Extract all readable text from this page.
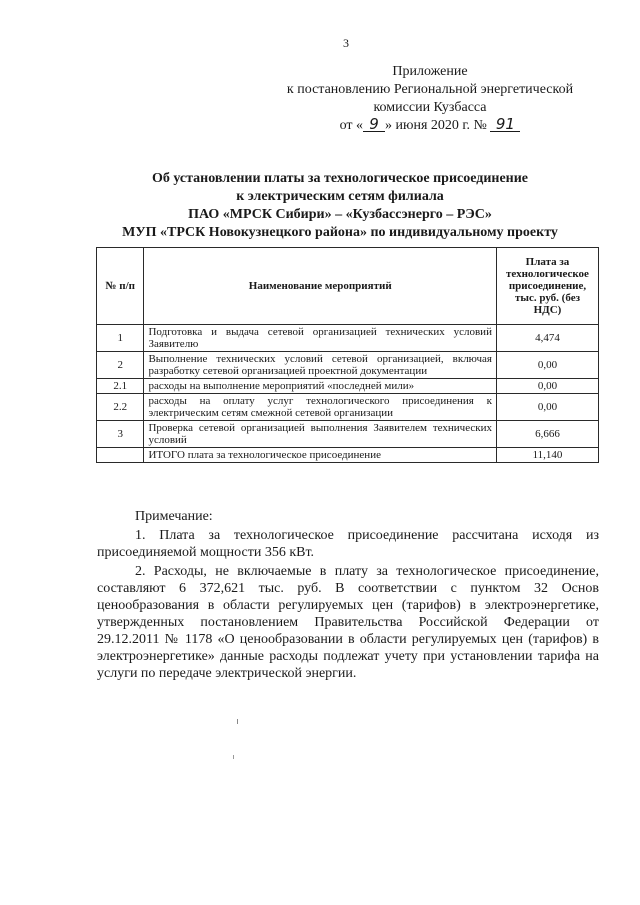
3
Приложение
к постановлению Региональной энергетической
комиссии Кузбасса
от « 9 » июня 2020 г. № 91
Об установлении платы за технологическое присоединение
к электрическим сетям филиала
ПАО «МРСК Сибири» – «Кузбассэнерго – РЭС»
МУП «ТРСК Новокузнецкого района» по индивидуальному проекту
№ п/п	Наименование мероприятий	Плата за технологическое присоединение, тыс. руб. (без НДС)
1	Подготовка и выдача сетевой организацией технических условий Заявителю	4,474
2	Выполнение технических условий сетевой организацией, включая разработку сетевой организацией проектной документации	0,00
2.1	расходы на выполнение мероприятий «последней мили»	0,00
2.2	расходы на оплату услуг технологического присоединения к электрическим сетям смежной сетевой организации	0,00
3	Проверка сетевой организацией выполнения Заявителем технических условий	6,666
	ИТОГО плата за технологическое присоединение	11,140
Примечание:

1. Плата за технологическое присоединение рассчитана исходя из присоединяемой мощности 356 кВт.

2. Расходы, не включаемые в плату за технологическое присоединение, составляют 6 372,621 тыс. руб. В соответствии с пунктом 32 Основ ценообразования в области регулируемых цен (тарифов) в электроэнергетике, утвержденных постановлением Правительства Российской Федерации от 29.12.2011 № 1178 «О ценообразовании в области регулируемых цен (тарифов) в электроэнергетике» данные расходы подлежат учету при установлении тарифа на услуги по передаче электрической энергии.
